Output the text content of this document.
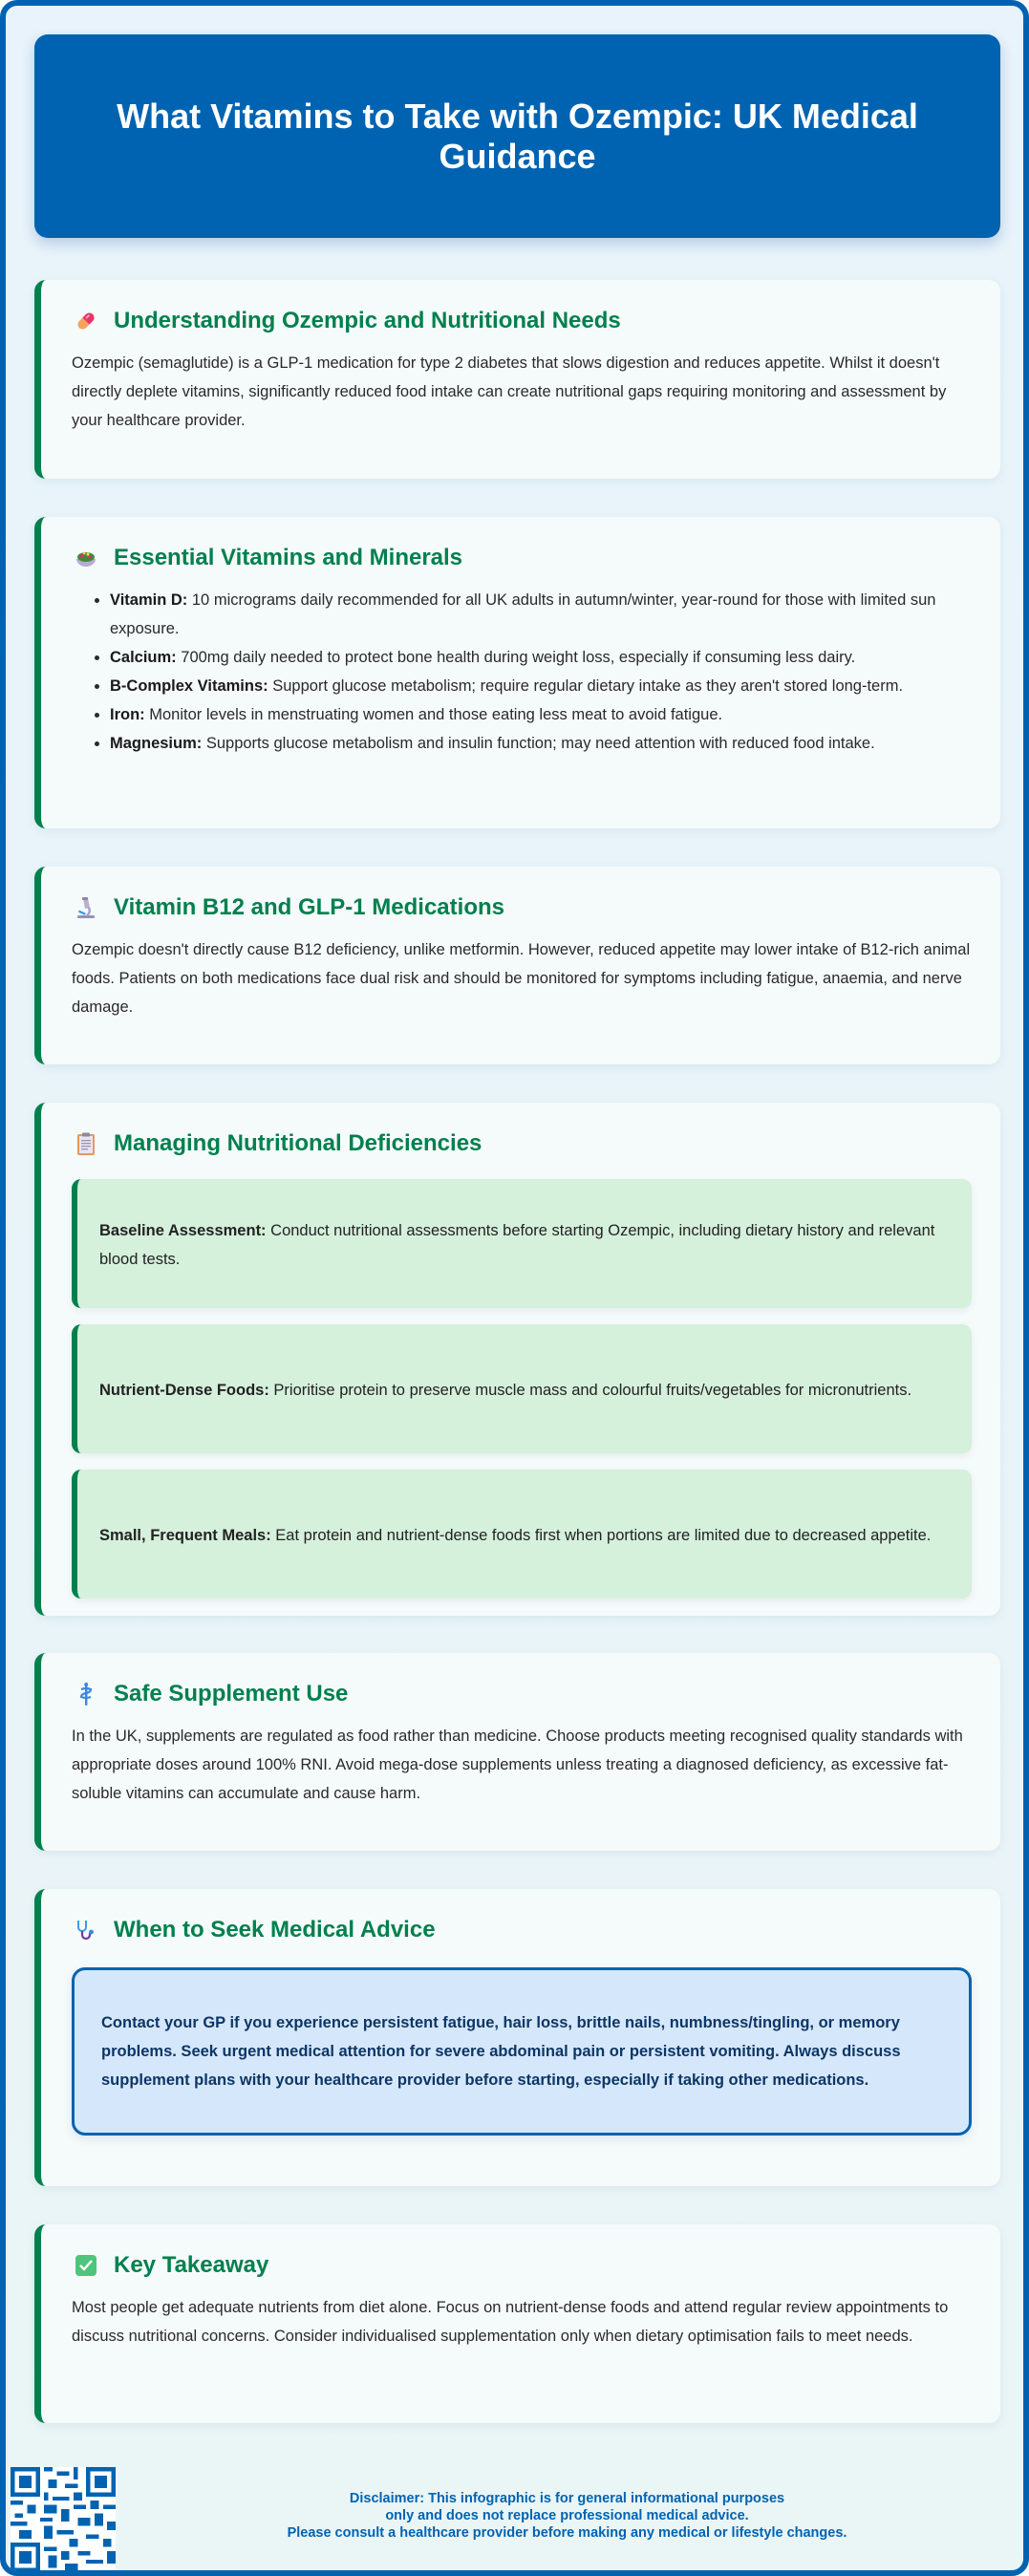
What Vitamins to Take with Ozempic: UK Medical Guidance
Understanding Ozempic and Nutritional Needs

Ozempic (semaglutide) is a GLP-1 medication for type 2 diabetes that slows digestion and reduces appetite. Whilst it doesn't directly deplete vitamins, significantly reduced food intake can create nutritional gaps requiring monitoring and assessment by your healthcare provider.

Essential Vitamins and Minerals
• Vitamin D: 10 micrograms daily recommended for all UK adults in autumn/winter, year-round for those with limited sun exposure.
• Calcium: 700mg daily needed to protect bone health during weight loss, especially if consuming less dairy.
• B-Complex Vitamins: Support glucose metabolism; require regular dietary intake as they aren't stored long-term.
• Iron: Monitor levels in menstruating women and those eating less meat to avoid fatigue.
• Magnesium: Supports glucose metabolism and insulin function; may need attention with reduced food intake.
Vitamin B12 and GLP-1 Medications

Ozempic doesn't directly cause B12 deficiency, unlike metformin. However, reduced appetite may lower intake of B12-rich animal foods. Patients on both medications face dual risk and should be monitored for symptoms including fatigue, anaemia, and nerve damage.

Managing Nutritional Deficiencies

Baseline Assessment: Conduct nutritional assessments before starting Ozempic, including dietary history and relevant blood tests.

Nutrient-Dense Foods: Prioritise protein to preserve muscle mass and colourful fruits/vegetables for micronutrients.

Small, Frequent Meals: Eat protein and nutrient-dense foods first when portions are limited due to decreased appetite.

Safe Supplement Use

In the UK, supplements are regulated as food rather than medicine. Choose products meeting recognised quality standards with appropriate doses around 100% RNI. Avoid mega-dose supplements unless treating a diagnosed deficiency, as excessive fat-soluble vitamins can accumulate and cause harm.

When to Seek Medical Advice

Contact your GP if you experience persistent fatigue, hair loss, brittle nails, numbness/tingling, or memory problems. Seek urgent medical attention for severe abdominal pain or persistent vomiting. Always discuss supplement plans with your healthcare provider before starting, especially if taking other medications.

Key Takeaway

Most people get adequate nutrients from diet alone. Focus on nutrient-dense foods and attend regular review appointments to discuss nutritional concerns. Consider individualised supplementation only when dietary optimisation fails to meet needs.

Disclaimer: This infographic is for general informational purposes
only and does not replace professional medical advice.
Please consult a healthcare provider before making any medical or lifestyle changes.
